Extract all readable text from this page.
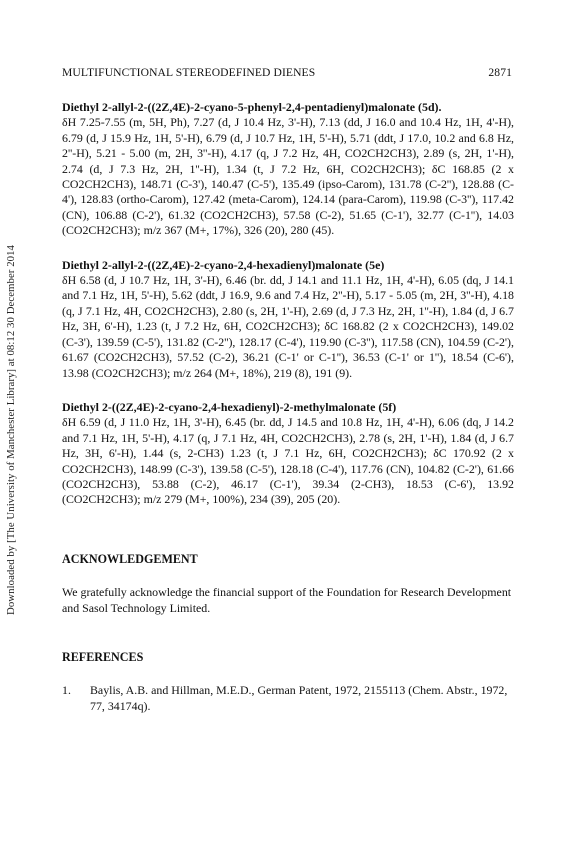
Downloaded by [The University of Manchester Library] at 08:12 30 December 2014
MULTIFUNCTIONAL STEREODEFINED DIENES	2871

Diethyl 2-allyl-2-((2Z,4E)-2-cyano-5-phenyl-2,4-pentadienyl)malonate (5d).

δH 7.25-7.55 (m, 5H, Ph), 7.27 (d, J 10.4 Hz, 3'-H), 7.13 (dd, J 16.0 and 10.4 Hz, 1H, 4'-H), 6.79 (d, J 15.9 Hz, 1H, 5'-H), 6.79 (d, J 10.7 Hz, 1H, 5'-H), 5.71 (ddt, J 17.0, 10.2 and 6.8 Hz, 2''-H), 5.21 - 5.00 (m, 2H, 3''-H), 4.17 (q, J 7.2 Hz, 4H, CO2CH2CH3), 2.89 (s, 2H, 1'-H), 2.74 (d, J 7.3 Hz, 2H, 1''-H), 1.34 (t, J 7.2 Hz, 6H, CO2CH2CH3); δC 168.85 (2 x CO2CH2CH3), 148.71 (C-3'), 140.47 (C-5'), 135.49 (ipso-Carom), 131.78 (C-2''), 128.88 (C-4'), 128.83 (ortho-Carom), 127.42 (meta-Carom), 124.14 (para-Carom), 119.98 (C-3''), 117.42 (CN), 106.88 (C-2'), 61.32 (CO2CH2CH3), 57.58 (C-2), 51.65 (C-1'), 32.77 (C-1''), 14.03 (CO2CH2CH3); m/z 367 (M+, 17%), 326 (20), 280 (45).

Diethyl 2-allyl-2-((2Z,4E)-2-cyano-2,4-hexadienyl)malonate (5e)

δH 6.58 (d, J 10.7 Hz, 1H, 3'-H), 6.46 (br. dd, J 14.1 and 11.1 Hz, 1H, 4'-H), 6.05 (dq, J 14.1 and 7.1 Hz, 1H, 5'-H), 5.62 (ddt, J 16.9, 9.6 and 7.4 Hz, 2''-H), 5.17 - 5.05 (m, 2H, 3''-H), 4.18 (q, J 7.1 Hz, 4H, CO2CH2CH3), 2.80 (s, 2H, 1'-H), 2.69 (d, J 7.3 Hz, 2H, 1''-H), 1.84 (d, J 6.7 Hz, 3H, 6'-H), 1.23 (t, J 7.2 Hz, 6H, CO2CH2CH3); δC 168.82 (2 x CO2CH2CH3), 149.02 (C-3'), 139.59 (C-5'), 131.82 (C-2''), 128.17 (C-4'), 119.90 (C-3''), 117.58 (CN), 104.59 (C-2'), 61.67 (CO2CH2CH3), 57.52 (C-2), 36.21 (C-1' or C-1''), 36.53 (C-1' or 1''), 18.54 (C-6'), 13.98 (CO2CH2CH3); m/z 264 (M+, 18%), 219 (8), 191 (9).

Diethyl 2-((2Z,4E)-2-cyano-2,4-hexadienyl)-2-methylmalonate (5f)

δH 6.59 (d, J 11.0 Hz, 1H, 3'-H), 6.45 (br. dd, J 14.5 and 10.8 Hz, 1H, 4'-H), 6.06 (dq, J 14.2 and 7.1 Hz, 1H, 5'-H), 4.17 (q, J 7.1 Hz, 4H, CO2CH2CH3), 2.78 (s, 2H, 1'-H), 1.84 (d, J 6.7 Hz, 3H, 6'-H), 1.44 (s, 2-CH3) 1.23 (t, J 7.1 Hz, 6H, CO2CH2CH3); δC 170.92 (2 x CO2CH2CH3), 148.99 (C-3'), 139.58 (C-5'), 128.18 (C-4'), 117.76 (CN), 104.82 (C-2'), 61.66 (CO2CH2CH3), 53.88 (C-2), 46.17 (C-1'), 39.34 (2-CH3), 18.53 (C-6'), 13.92 (CO2CH2CH3); m/z 279 (M+, 100%), 234 (39), 205 (20).

ACKNOWLEDGEMENT

We gratefully acknowledge the financial support of the Foundation for Research Development and Sasol Technology Limited.

REFERENCES
1.	Baylis, A.B. and Hillman, M.E.D., German Patent, 1972, 2155113 (Chem. Abstr., 1972, 77, 34174q).
